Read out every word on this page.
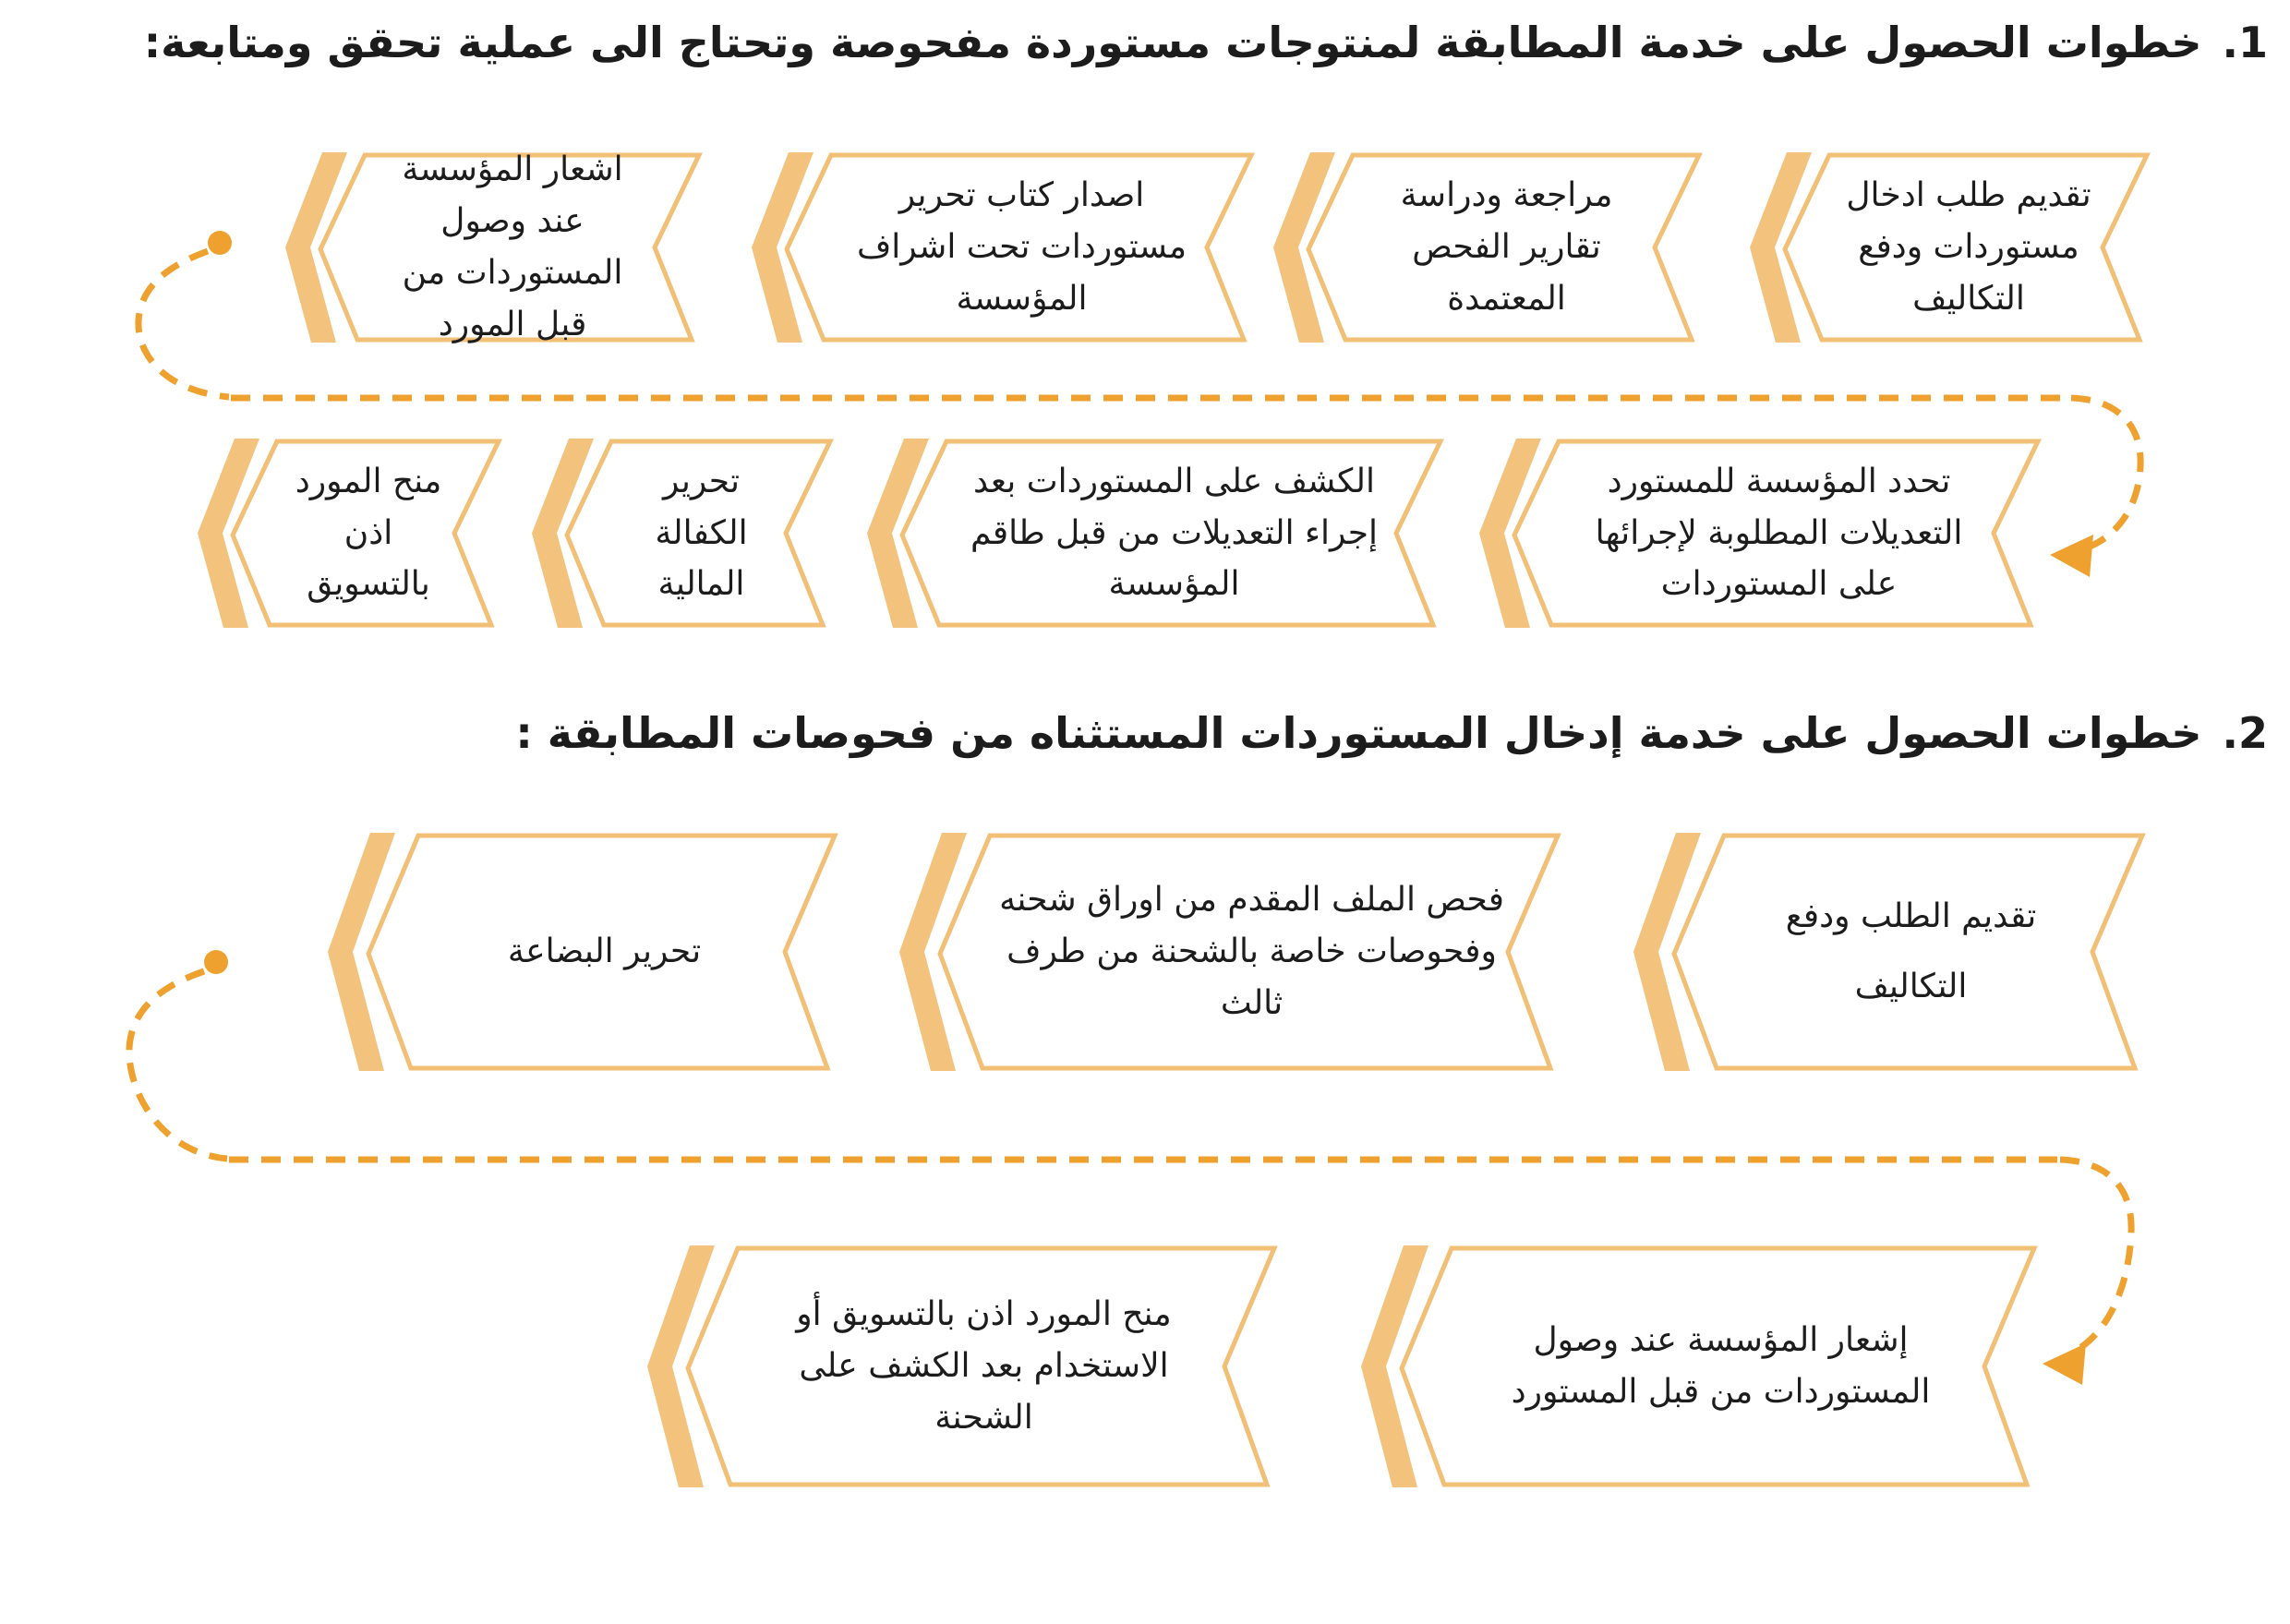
1.خطوات الحصول على خدمة المطابقة لمنتوجات مستوردة مفحوصة وتحتاج الى عملية تحقق ومتابعة:
تقديم طلب ادخال مستوردات ودفع التكاليف
مراجعة ودراسة تقارير الفحص المعتمدة
اصدار كتاب تحرير مستوردات تحت اشراف المؤسسة
اشعار المؤسسة عند وصول المستوردات من قبل المورد
تحدد المؤسسة للمستورد التعديلات المطلوبة لإجرائها على المستوردات
الكشف على المستوردات بعد إجراء التعديلات من قبل طاقم المؤسسة
تحرير الكفالة المالية
منح المورد اذن بالتسويق
2.خطوات الحصول على خدمة إدخال المستوردات المستثناه من فحوصات المطابقة :
تقديم الطلب ودفع التكاليف
فحص الملف المقدم من اوراق شحنه وفحوصات خاصة بالشحنة من طرف ثالث
تحرير البضاعة
إشعار المؤسسة عند وصول المستوردات من قبل المستورد
منح المورد اذن بالتسويق أو الاستخدام بعد الكشف على الشحنة
